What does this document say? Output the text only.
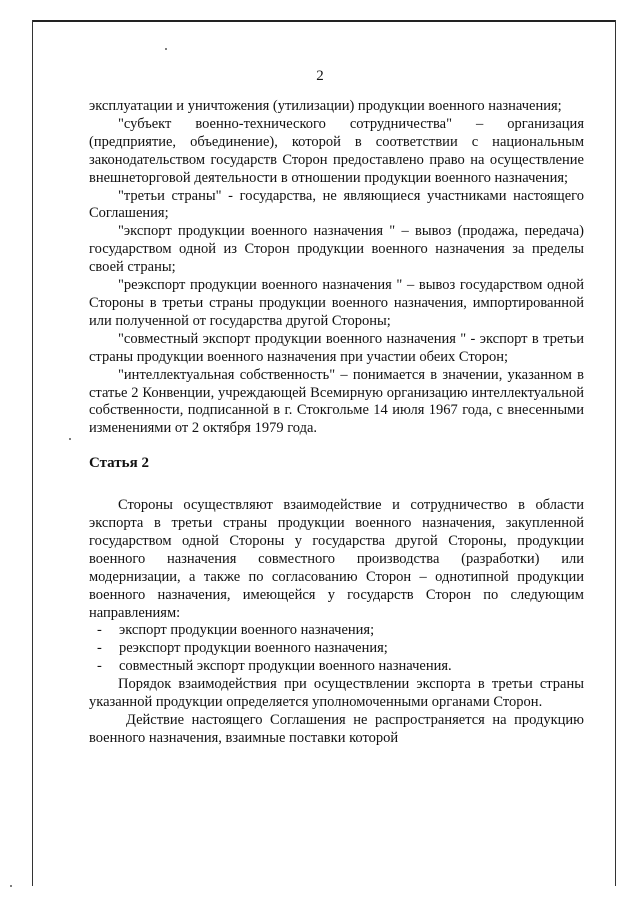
2

эксплуатации и уничтожения (утилизации) продукции военного назначения;

"субъект военно-технического сотрудничества" – организация (предприятие, объединение), которой в соответствии с национальным законодательством государств Сторон предоставлено право на осуществление внешнеторговой деятельности в отношении продукции военного назначения;

"третьи страны" - государства, не являющиеся участниками настоящего Соглашения;

"экспорт продукции военного назначения " – вывоз (продажа, передача) государством одной из Сторон продукции военного назначения за пределы своей страны;

"реэкспорт продукции военного назначения " – вывоз государством одной Стороны в третьи страны продукции военного назначения, импортированной или полученной от государства другой Стороны;

"совместный экспорт продукции военного назначения " - экспорт в третьи страны продукции военного назначения при участии обеих Сторон;

"интеллектуальная собственность" – понимается в значении, указанном в статье 2 Конвенции, учреждающей Всемирную организацию интеллектуальной собственности, подписанной в г. Стокгольме 14 июля 1967 года, с внесенными изменениями от 2 октября 1979 года.

Статья 2

Стороны осуществляют взаимодействие и сотрудничество в области экспорта в третьи страны продукции военного назначения, закупленной государством одной Стороны у государства другой Стороны, продукции военного назначения совместного производства (разработки) или модернизации, а также по согласованию Сторон – однотипной продукции военного назначения, имеющейся у государств Сторон по следующим направлениям:

- экспорт продукции военного назначения;
- реэкспорт продукции военного назначения;
- совместный экспорт продукции военного назначения.

Порядок взаимодействия при осуществлении экспорта в третьи страны указанной продукции определяется уполномоченными органами Сторон.

Действие настоящего Соглашения не распространяется на продукцию военного назначения, взаимные поставки которой
